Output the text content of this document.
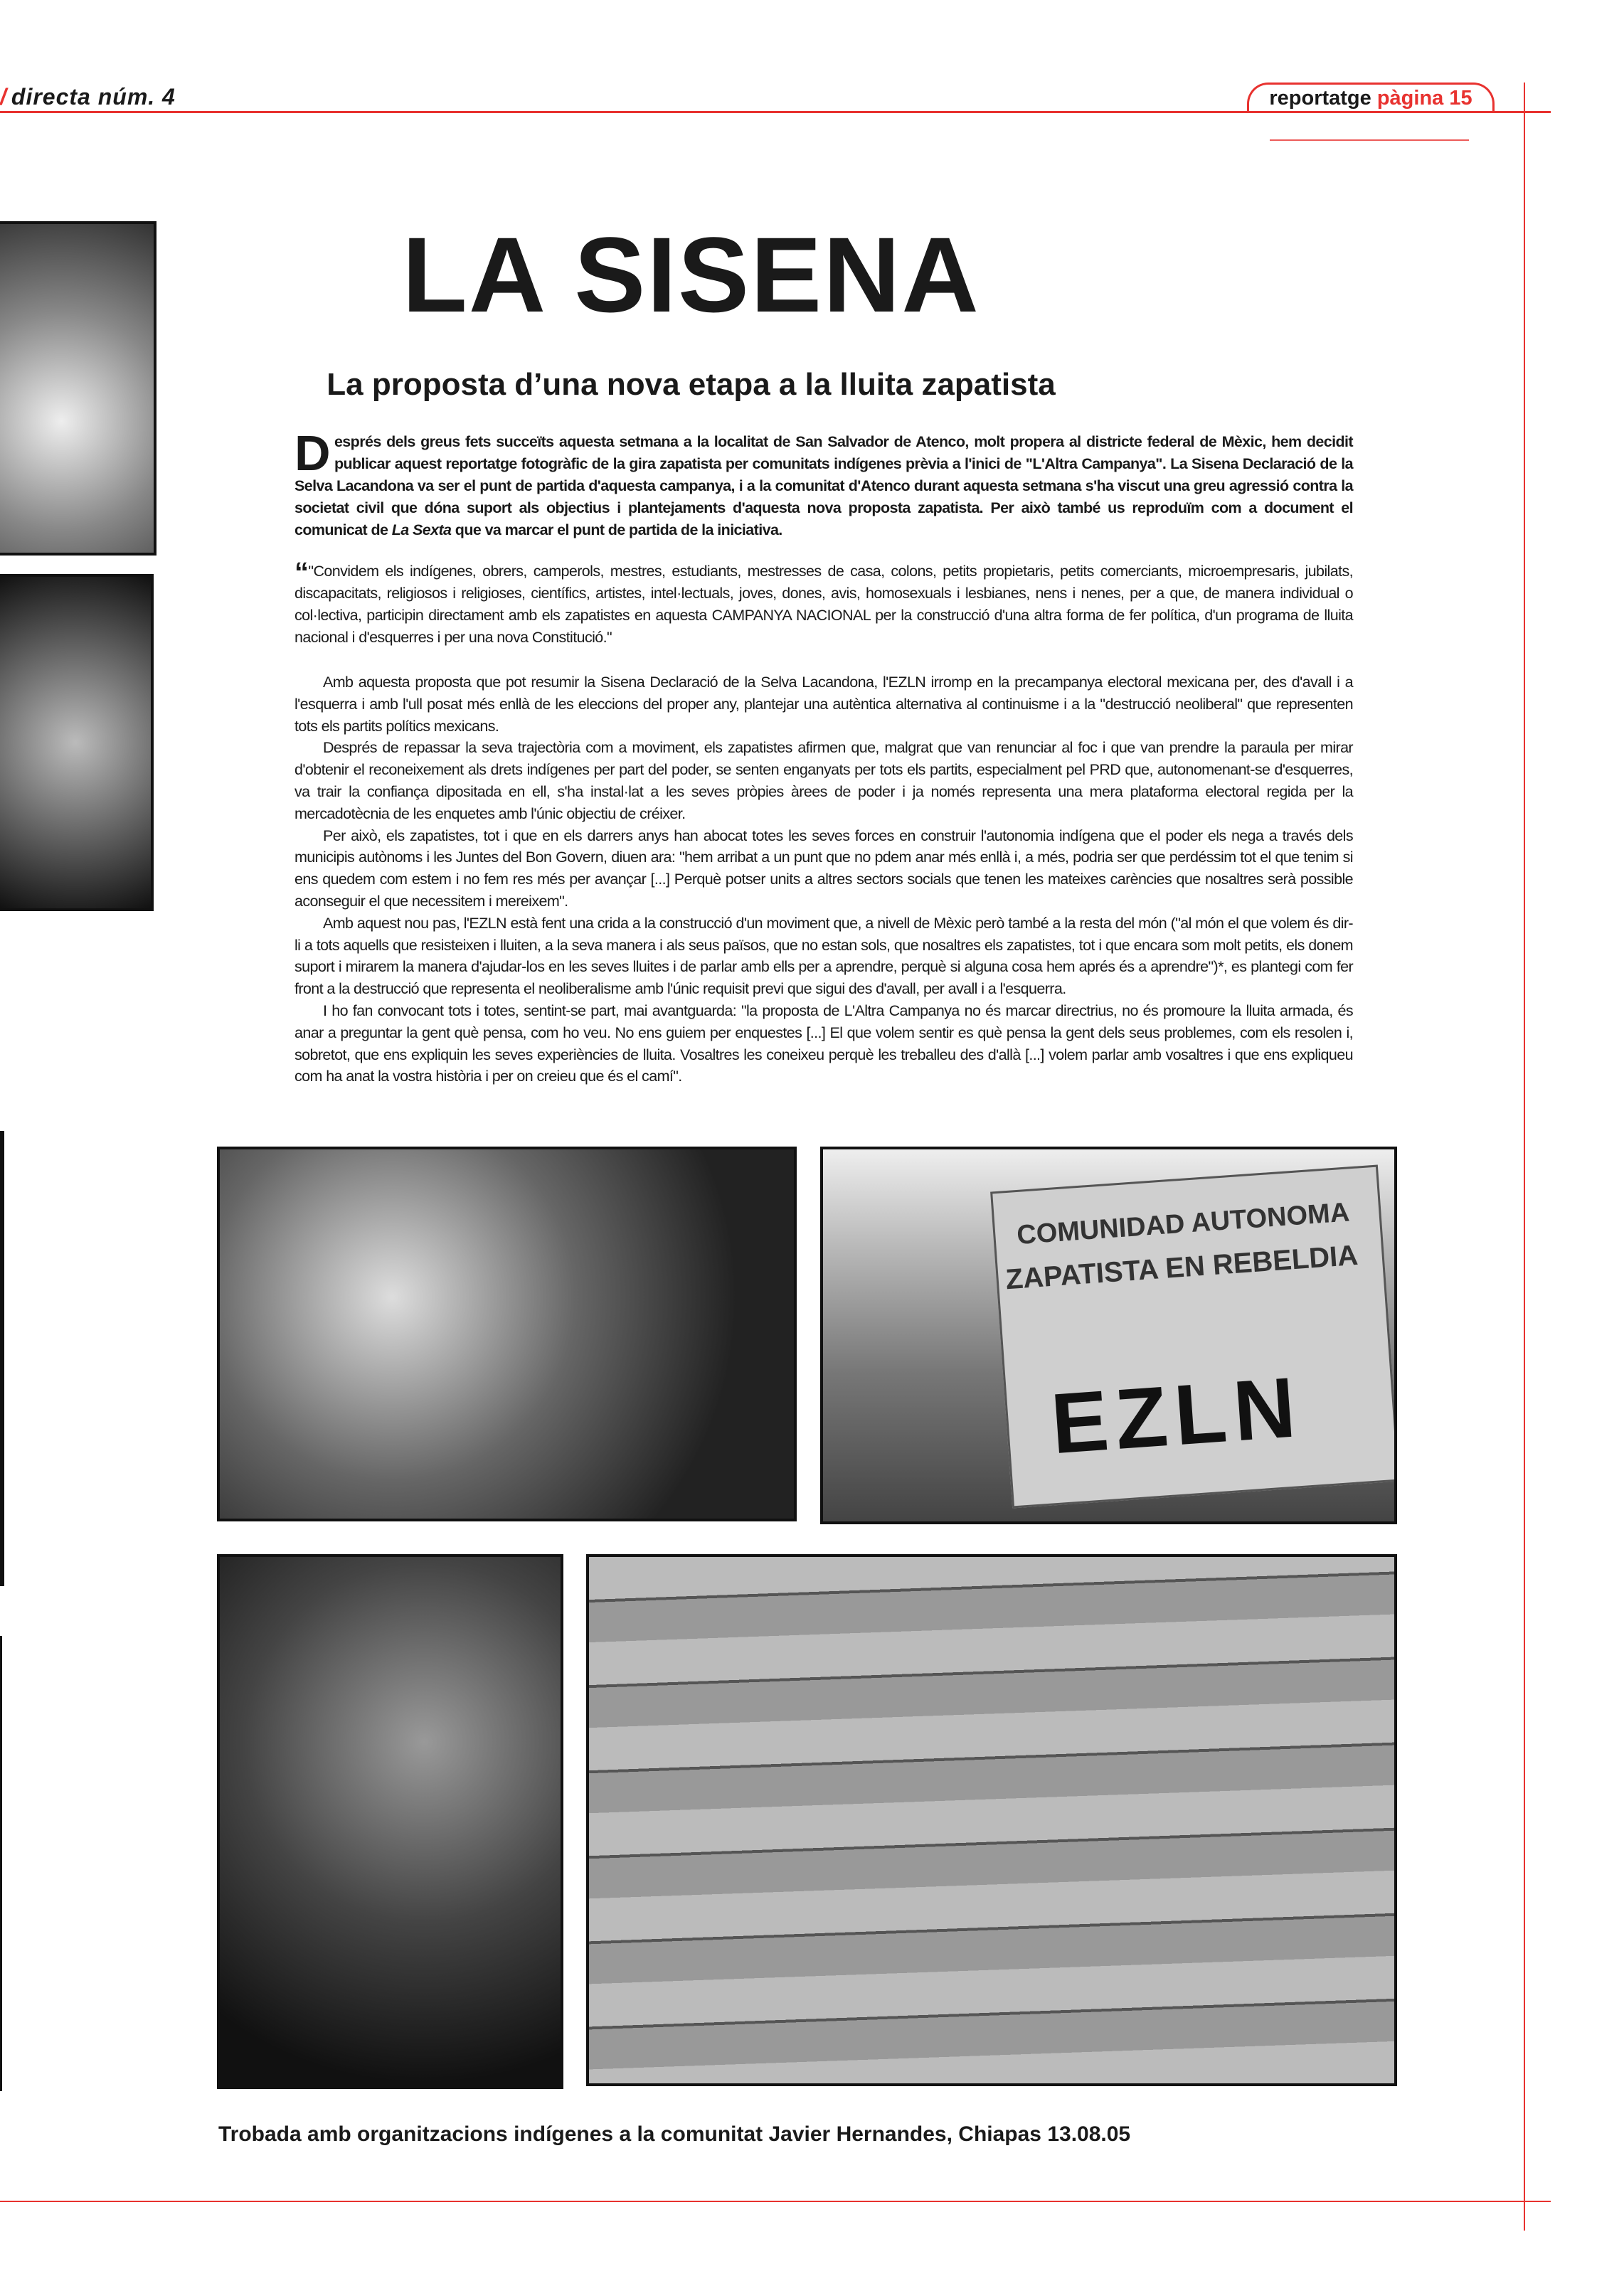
/ directa núm. 4	reportatge pàgina 15
LA SISENA
La proposta d’una nova etapa a la lluita zapatista
Després dels greus fets succeïts aquesta setmana a la localitat de San Salvador de Atenco, molt propera al districte federal de Mèxic, hem decidit publicar aquest reportatge fotogràfic de la gira zapatista per comunitats indígenes prèvia a l'inici de "L'Altra Campanya". La Sisena Declaració de la Selva Lacandona va ser el punt de partida d'aquesta campanya, i a la comunitat d'Atenco durant aquesta setmana s'ha viscut una greu agressió contra la societat civil que dóna suport als objectius i plantejaments d'aquesta nova proposta zapatista. Per això també us reproduïm com a document el comunicat de La Sexta que va marcar el punt de partida de la iniciativa.
“"Convidem els indígenes, obrers, camperols, mestres, estudiants, mestresses de casa, colons, petits propietaris, petits comerciants, microempresaris, jubilats, discapacitats, religiosos i religioses, científics, artistes, intel·lectuals, joves, dones, avis, homosexuals i lesbianes, nens i nenes, per a que, de manera individual o col·lectiva, participin directament amb els zapatistes en aquesta CAMPANYA NACIONAL per la construcció d'una altra forma de fer política, d'un programa de lluita nacional i d'esquerres i per una nova Constitució."

Amb aquesta proposta que pot resumir la Sisena Declaració de la Selva Lacandona, l'EZLN irromp en la precampanya electoral mexicana per, des d'avall i a l'esquerra i amb l'ull posat més enllà de les eleccions del proper any, plantejar una autèntica alternativa al continuisme i a la "destrucció neoliberal" que representen tots els partits polítics mexicans.

Després de repassar la seva trajectòria com a moviment, els zapatistes afirmen que, malgrat que van renunciar al foc i que van prendre la paraula per mirar d'obtenir el reconeixement als drets indígenes per part del poder, se senten enganyats per tots els partits, especialment pel PRD que, autonomenant-se d'esquerres, va trair la confiança dipositada en ell, s'ha instal·lat a les seves pròpies àrees de poder i ja només representa una mera plataforma electoral regida per la mercadotècnia de les enquetes amb l'únic objectiu de créixer.

Per això, els zapatistes, tot i que en els darrers anys han abocat totes les seves forces en construir l'autonomia indígena que el poder els nega a través dels municipis autònoms i les Juntes del Bon Govern, diuen ara: "hem arribat a un punt que no pdem anar més enllà i, a més, podria ser que perdéssim tot el que tenim si ens quedem com estem i no fem res més per avançar [...] Perquè potser units a altres sectors socials que tenen les mateixes carències que nosaltres serà possible aconseguir el que necessitem i mereixem".

Amb aquest nou pas, l'EZLN està fent una crida a la construcció d'un moviment que, a nivell de Mèxic però també a la resta del món ("al món el que volem és dir-li a tots aquells que resisteixen i lluiten, a la seva manera i als seus països, que no estan sols, que nosaltres els zapatistes, tot i que encara som molt petits, els donem suport i mirarem la manera d'ajudar-los en les seves lluites i de parlar amb ells per a aprendre, perquè si alguna cosa hem aprés és a aprendre")*, es plantegi com fer front a la destrucció que representa el neoliberalisme amb l'únic requisit previ que sigui des d'avall, per avall i a l'esquerra.

I ho fan convocant tots i totes, sentint-se part, mai avantguarda: "la proposta de L'Altra Campanya no és marcar directrius, no és promoure la lluita armada, és anar a preguntar la gent què pensa, com ho veu. No ens guiem per enquestes [...] El que volem sentir es què pensa la gent dels seus problemes, com els resolen i, sobretot, que ens expliquin les seves experiències de lluita. Vosaltres les coneixeu perquè les treballeu des d'allà [...] volem parlar amb vosaltres i que ens expliqueu com ha anat la vostra història i per on creieu que és el camí".

COMUNIDAD AUTONOMA
ZAPATISTA EN REBELDIA
EZLN
Trobada amb organitzacions indígenes a la comunitat Javier Hernandes, Chiapas 13.08.05
